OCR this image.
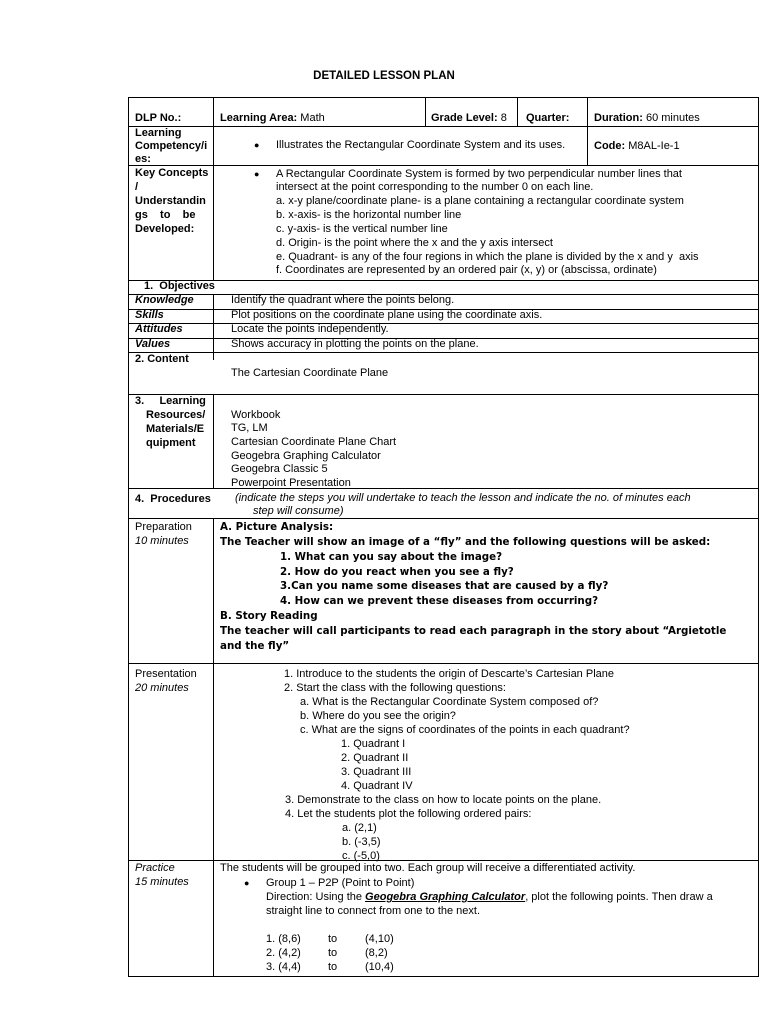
DETAILED LESSON PLAN
DLP No.:	Learning Area: Math	Grade Level: 8 Quarter: Duration: 60 minutes
Learning
Competency/i
es:
● Illustrates the Rectangular Coordinate System and its uses.	Code: M8AL-Ie-1
Key Concepts
/
Understandin
gs    to    be
Developed:
● A Rectangular Coordinate System is formed by two perpendicular number lines that
intersect at the point corresponding to the number 0 on each line.
a. x-y plane/coordinate plane- is a plane containing a rectangular coordinate system
b. x-axis- is the horizontal number line
c. y-axis- is the vertical number line
d. Origin- is the point where the x and the y axis intersect
e. Quadrant- is any of the four regions in which the plane is divided by the x and y  axis
f. Coordinates are represented by an ordered pair (x, y) or (abscissa, ordinate)
1.  Objectives
Knowledge	Identify the quadrant where the points belong.
Skills	Plot positions on the coordinate plane using the coordinate axis.
Attitudes	Locate the points independently.
Values	Shows accuracy in plotting the points on the plane.
2. Content
The Cartesian Coordinate Plane
3.     Learning
Resources/
Materials/E
quipment
Workbook
TG, LM
Cartesian Coordinate Plane Chart
Geogebra Graphing Calculator
Geogebra Classic 5
Powerpoint Presentation
4.  Procedures (indicate the steps you will undertake to teach the lesson and indicate the no. of minutes each
step will consume)
Preparation
10 minutes
A. Picture Analysis:
The Teacher will show an image of a “fly” and the following questions will be asked:
1. What can you say about the image?
2. How do you react when you see a fly?
3.Can you name some diseases that are caused by a fly?
4. How can we prevent these diseases from occurring?
B. Story Reading
The teacher will call participants to read each paragraph in the story about “Argietotle
and the fly”
Presentation
20 minutes
1. Introduce to the students the origin of Descarte’s Cartesian Plane
2. Start the class with the following questions:
a. What is the Rectangular Coordinate System composed of?
b. Where do you see the origin?
c. What are the signs of coordinates of the points in each quadrant?
1. Quadrant I
2. Quadrant II
3. Quadrant III
4. Quadrant IV
3. Demonstrate to the class on how to locate points on the plane.
4. Let the students plot the following ordered pairs:
a. (2,1)
b. (-3,5)
c. (-5,0)
Practice
15 minutes
The students will be grouped into two. Each group will receive a differentiated activity.
● Group 1 – P2P (Point to Point)
Direction: Using the Geogebra Graphing Calculator, plot the following points. Then draw a
straight line to connect from one to the next.
1. (8,6) to	(4,10)
2. (4,2) to	(8,2)
3. (4,4) to	(10,4)
